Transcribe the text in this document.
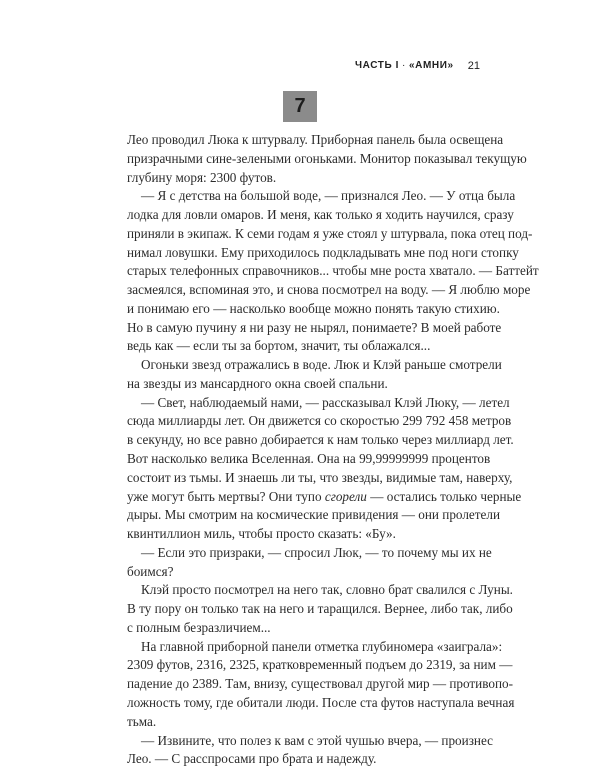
ЧАСТЬ I · «АМНИ» 21
7
Лео проводил Люка к штурвалу. Приборная панель была освещена
призрачными сине-зелеными огоньками. Монитор показывал текущую
глубину моря: 2300 футов.
— Я с детства на большой воде, — признался Лео. — У отца была
лодка для ловли омаров. И меня, как только я ходить научился, сразу
приняли в экипаж. К семи годам я уже стоял у штурвала, пока отец под-
нимал ловушки. Ему приходилось подкладывать мне под ноги стопку
старых телефонных справочников... чтобы мне роста хватало. — Баттейт
засмеялся, вспоминая это, и снова посмотрел на воду. — Я люблю море
и понимаю его — насколько вообще можно понять такую стихию.
Но в самую пучину я ни разу не нырял, понимаете? В моей работе
ведь как — если ты за бортом, значит, ты облажался...
Огоньки звезд отражались в воде. Люк и Клэй раньше смотрели
на звезды из мансардного окна своей спальни.
— Свет, наблюдаемый нами, — рассказывал Клэй Люку, — летел
сюда миллиарды лет. Он движется со скоростью 299 792 458 метров
в секунду, но все равно добирается к нам только через миллиард лет.
Вот насколько велика Вселенная. Она на 99,99999999 процентов
состоит из тьмы. И знаешь ли ты, что звезды, видимые там, наверху,
уже могут быть мертвы? Они тупо сгорели — остались только черные
дыры. Мы смотрим на космические привидения — они пролетели
квинтиллион миль, чтобы просто сказать: «Бу».
— Если это призраки, — спросил Люк, — то почему мы их не
боимся?
Клэй просто посмотрел на него так, словно брат свалился с Луны.
В ту пору он только так на него и таращился. Вернее, либо так, либо
с полным безразличием...
На главной приборной панели отметка глубиномера «заиграла»:
2309 футов, 2316, 2325, кратковременный подъем до 2319, за ним —
падение до 2389. Там, внизу, существовал другой мир — противопо-
ложность тому, где обитали люди. После ста футов наступала вечная
тьма.
— Извините, что полез к вам с этой чушью вчера, — произнес
Лео. — С расспросами про брата и надежду.
